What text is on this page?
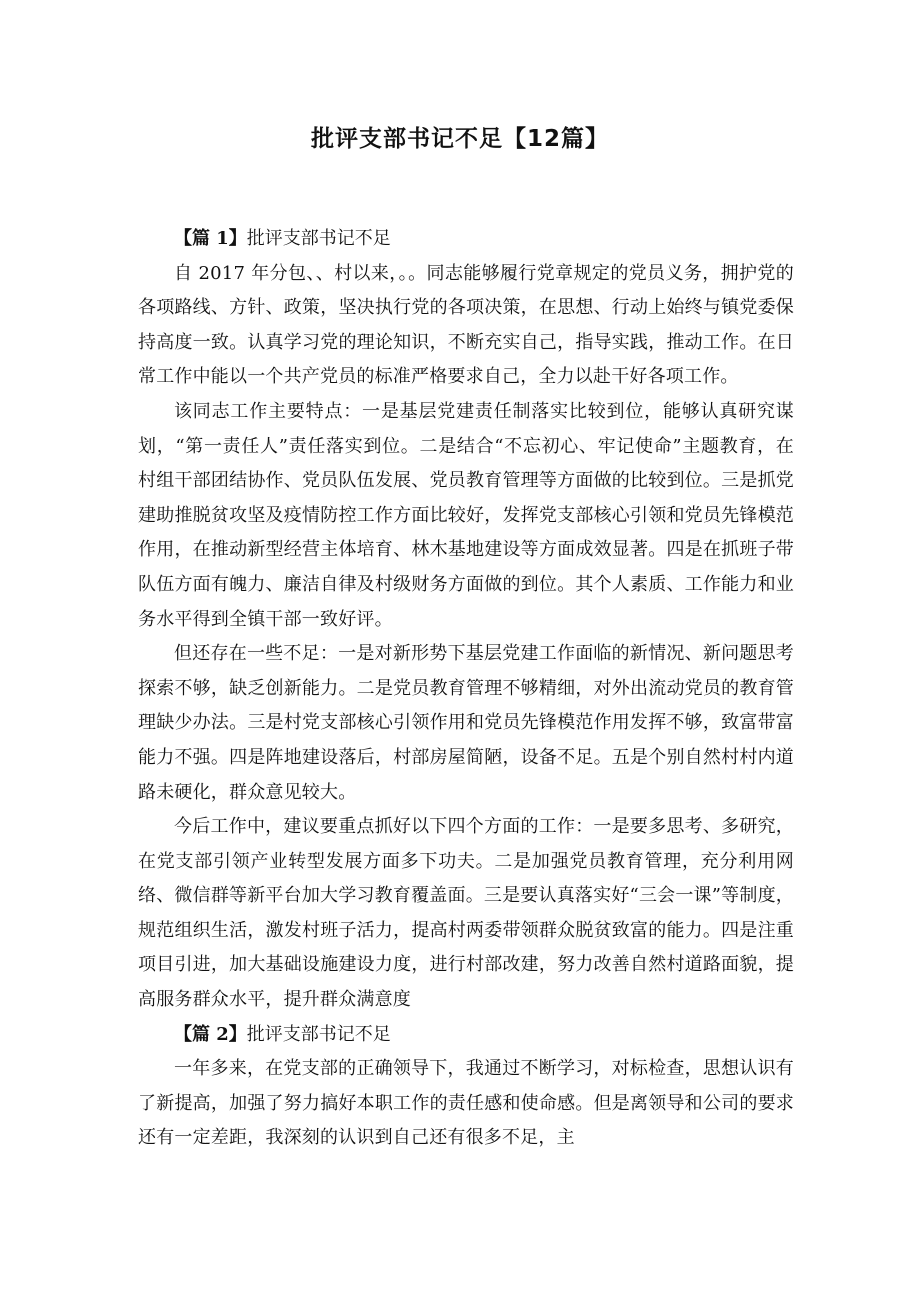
批评支部书记不足【12篇】

【篇 1】批评支部书记不足

自 2017 年分包、、村以来，。。同志能够履行党章规定的党员义务，拥护党的各项路线、方针、政策，坚决执行党的各项决策，在思想、行动上始终与镇党委保持高度一致。认真学习党的理论知识，不断充实自己，指导实践，推动工作。在日常工作中能以一个共产党员的标准严格要求自己，全力以赴干好各项工作。

该同志工作主要特点：一是基层党建责任制落实比较到位，能够认真研究谋划，“第一责任人”责任落实到位。二是结合“不忘初心、牢记使命”主题教育，在村组干部团结协作、党员队伍发展、党员教育管理等方面做的比较到位。三是抓党建助推脱贫攻坚及疫情防控工作方面比较好，发挥党支部核心引领和党员先锋模范作用，在推动新型经营主体培育、林木基地建设等方面成效显著。四是在抓班子带队伍方面有魄力、廉洁自律及村级财务方面做的到位。其个人素质、工作能力和业务水平得到全镇干部一致好评。

但还存在一些不足：一是对新形势下基层党建工作面临的新情况、新问题思考探索不够，缺乏创新能力。二是党员教育管理不够精细，对外出流动党员的教育管理缺少办法。三是村党支部核心引领作用和党员先锋模范作用发挥不够，致富带富能力不强。四是阵地建设落后，村部房屋简陋，设备不足。五是个别自然村村内道路未硬化，群众意见较大。

今后工作中，建议要重点抓好以下四个方面的工作：一是要多思考、多研究，在党支部引领产业转型发展方面多下功夫。二是加强党员教育管理，充分利用网络、微信群等新平台加大学习教育覆盖面。三是要认真落实好“三会一课”等制度，规范组织生活，激发村班子活力，提高村两委带领群众脱贫致富的能力。四是注重项目引进，加大基础设施建设力度，进行村部改建，努力改善自然村道路面貌，提高服务群众水平，提升群众满意度

【篇 2】批评支部书记不足

一年多来，在党支部的正确领导下，我通过不断学习，对标检查，思想认识有了新提高，加强了努力搞好本职工作的责任感和使命感。但是离领导和公司的要求还有一定差距，我深刻的认识到自己还有很多不足，主
